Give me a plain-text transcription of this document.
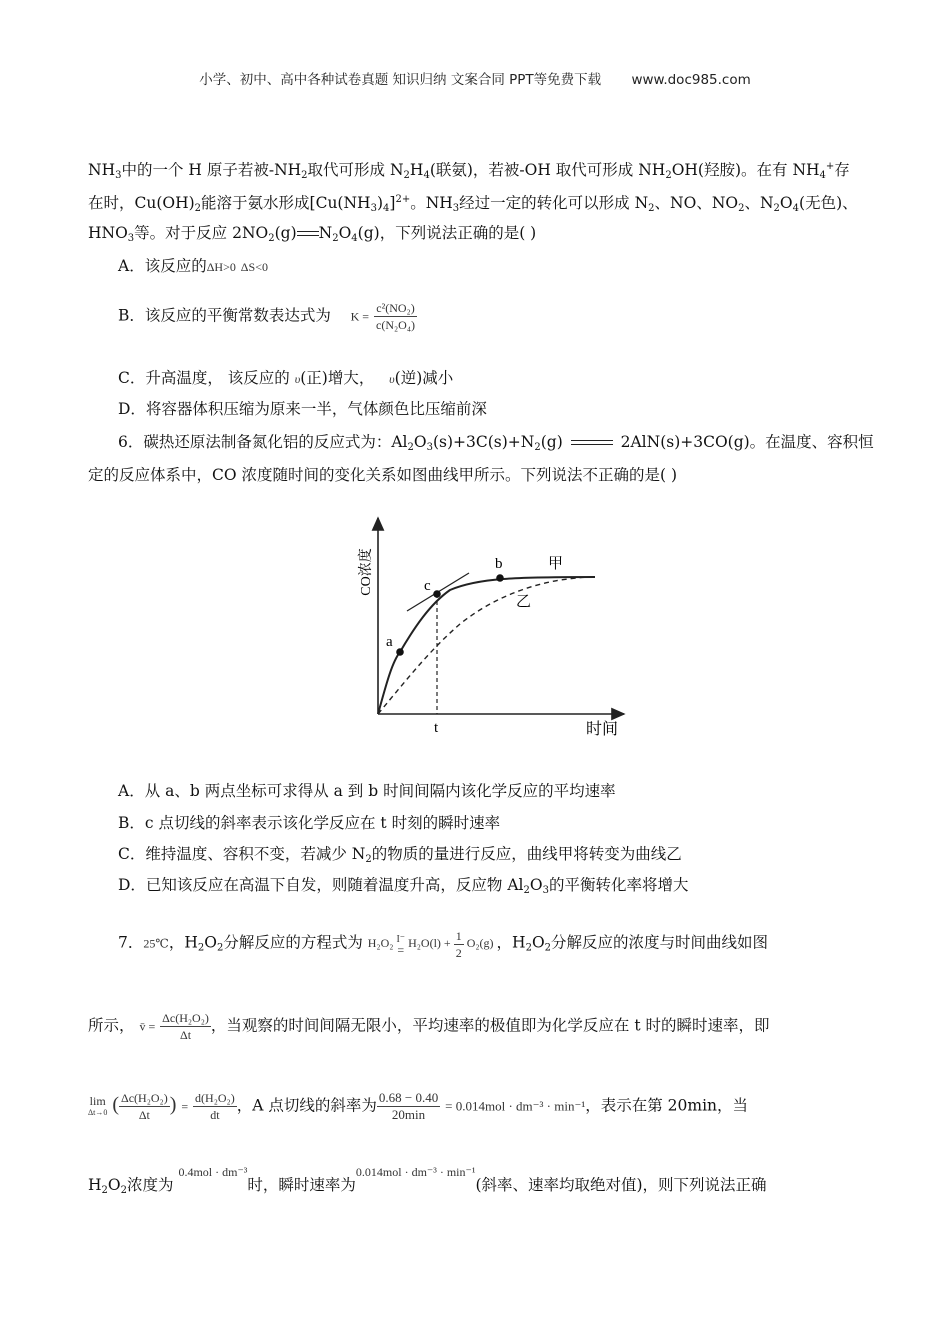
小学、初中、高中各种试卷真题 知识归纳 文案合同 PPT等免费下载 www.doc985.com
$NH_3$中的一个 H 原子若被$-NH_2$取代可形成 $N_2H_4$(联氨)，若被-OH 取代可形成 $NH_2OH$(羟胺)。在有 $NH_4^+$存
在时，$Cu(OH)_2$能溶于氨水形成$[Cu(NH_3)_4]^{2+}$。$NH_3$经过一定的转化可以形成 $N_2$、NO、$NO_2$、$N_2O_4$(无色)、
$HNO_3$等。对于反应 $2NO_2(g)$ $N_2O_4(g)$，下列说法正确的是( )
A．该反应的ΔH>0 ΔS<0
B．该反应的平衡常数表达式为 $K = \frac{\text{c²(NO₂)}}{\text{c(N₂O₄)}}$
C．升高温度， 该反应的 υ(正)增大， υ(逆)减小
D．将容器体积压缩为原来一半，气体颜色比压缩前深
6．碳热还原法制备氮化铝的反应式为：$Al_2O_3(s)+3C(s)+N_2(g)$	2AlN(s)+3CO(g)。在温度、容积恒
定的反应体系中，CO 浓度随时间的变化关系如图曲线甲所示。下列说法不正确的是( )
CO浓度
时间
t
a
b
c
甲
乙
A．从 a、b 两点坐标可求得从 a 到 b 时间间隔内该化学反应的平均速率
B．c 点切线的斜率表示该化学反应在 t 时刻的瞬时速率
C．维持温度、容积不变，若减少 $N_2$的物质的量进行反应，曲线甲将转变为曲线乙
D．已知该反应在高温下自发，则随着温度升高，反应物 $Al_2O_3$的平衡转化率将增大
7．25℃，$H_2O_2$分解反应的方程式为 H₂O₂ I⁻
= $H_2O(l) + \frac{1}{2} O_2(g)$ ，$H_2O_2$分解反应的浓度与时间曲线如图
所示， v̄ = $\frac{\text{Δc(H₂O₂)}}{\Delta t}$ ，当观察的时间间隔无限小，平均速率的极值即为化学反应在 t 时的瞬时速率，即
lim
Δt→0 ( $\frac{\text{Δc(H₂O₂)}}{\Delta t}$ ) = $\frac{\text{d(H₂O₂)}}{dt}$ ，A 点切线的斜率为 $\frac{0.68 - 0.40}{20\min} = 0.014mol \cdot dm^{-3} \cdot \min^{-1}$，表示在第 20min，当
$H_2O_2$浓度为 $^{0.4mol \cdot dm^{-3}}$时，瞬时速率为$^{0.014mol \cdot dm^{-3} \cdot min^{-1}}$(斜率、速率均取绝对值)，则下列说法正确
